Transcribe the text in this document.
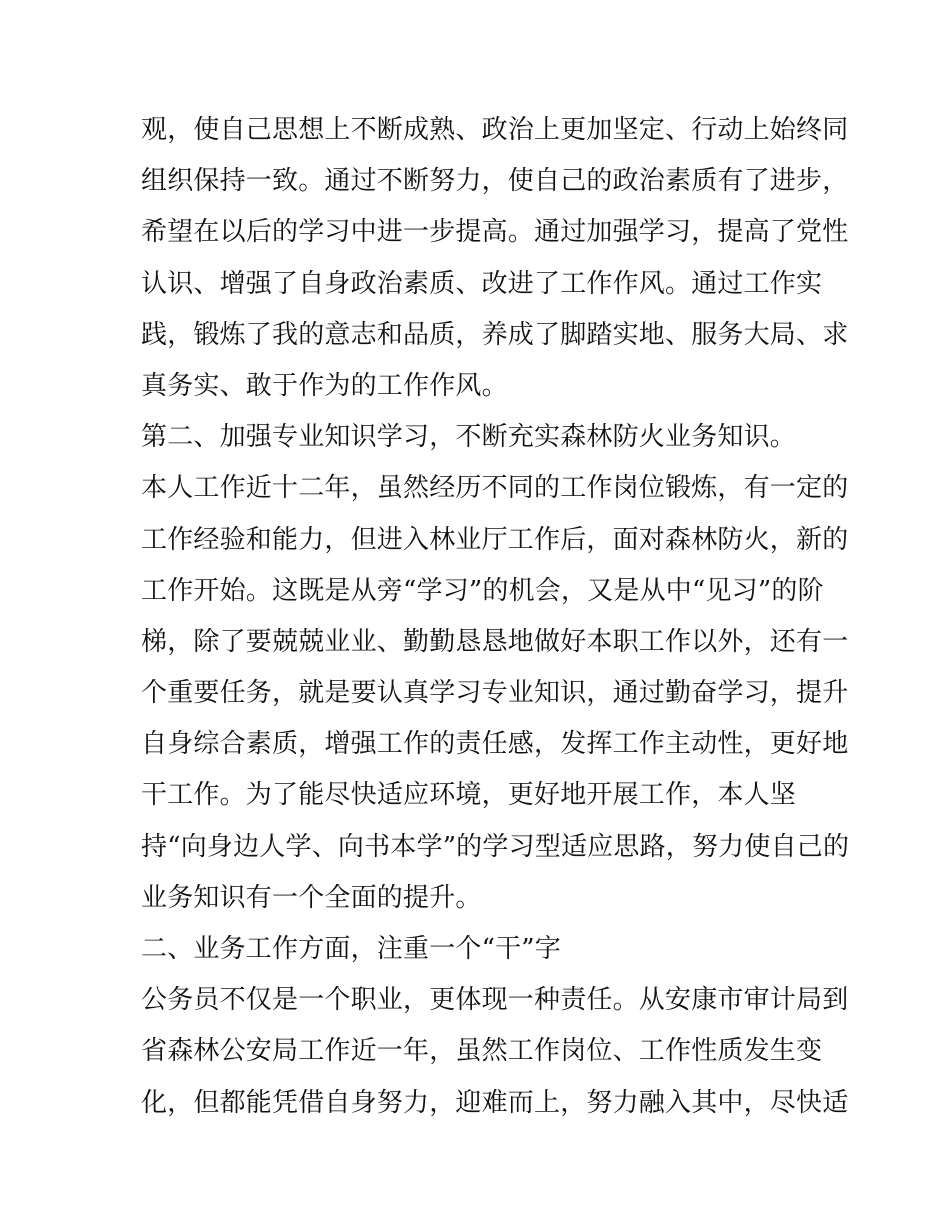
观，使自己思想上不断成熟、政治上更加坚定、行动上始终同
组织保持一致。通过不断努力，使自己的政治素质有了进步，
希望在以后的学习中进一步提高。通过加强学习，提高了党性
认识、增强了自身政治素质、改进了工作作风。通过工作实
践，锻炼了我的意志和品质，养成了脚踏实地、服务大局、求
真务实、敢于作为的工作作风。
第二、加强专业知识学习，不断充实森林防火业务知识。
本人工作近十二年，虽然经历不同的工作岗位锻炼，有一定的
工作经验和能力，但进入林业厅工作后，面对森林防火，新的
工作开始。这既是从旁“学习”的机会，又是从中“见习”的阶
梯，除了要兢兢业业、勤勤恳恳地做好本职工作以外，还有一
个重要任务，就是要认真学习专业知识，通过勤奋学习，提升
自身综合素质，增强工作的责任感，发挥工作主动性，更好地
干工作。为了能尽快适应环境，更好地开展工作，本人坚
持“向身边人学、向书本学”的学习型适应思路，努力使自己的
业务知识有一个全面的提升。
二、业务工作方面，注重一个“干”字
公务员不仅是一个职业，更体现一种责任。从安康市审计局到
省森林公安局工作近一年，虽然工作岗位、工作性质发生变
化，但都能凭借自身努力，迎难而上，努力融入其中，尽快适
